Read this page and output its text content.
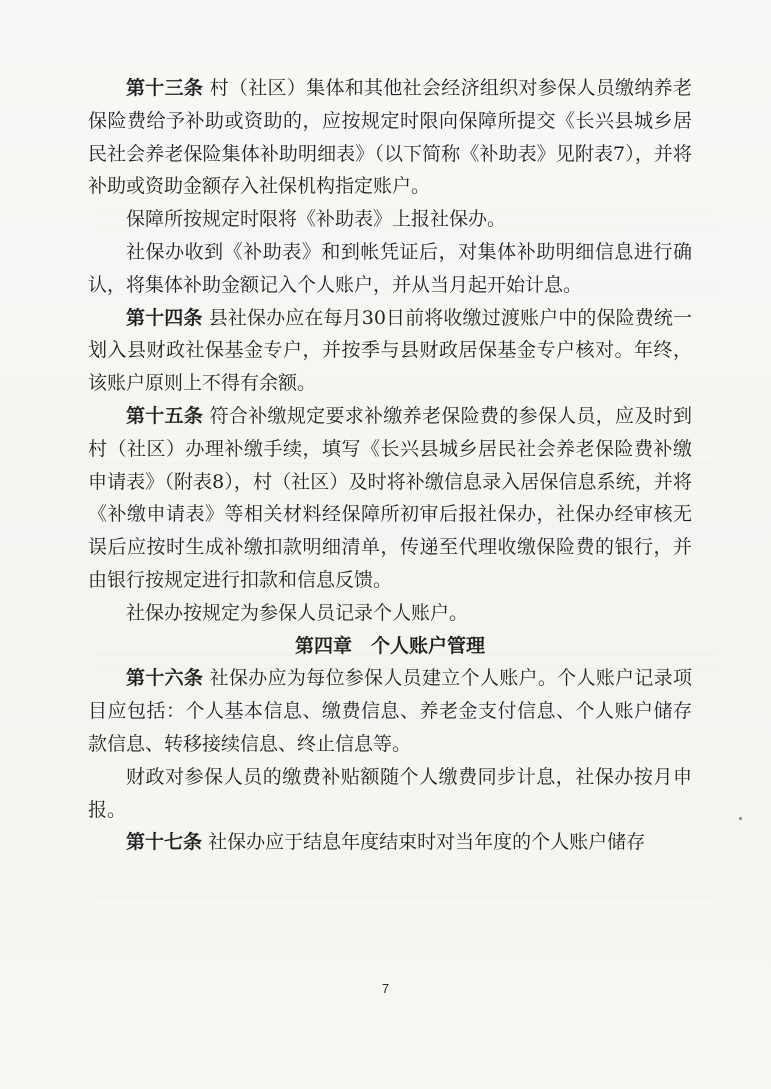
第十三条 村（社区）集体和其他社会经济组织对参保人员缴纳养老保险费给予补助或资助的，应按规定时限向保障所提交《长兴县城乡居民社会养老保险集体补助明细表》（以下简称《补助表》见附表7），并将补助或资助金额存入社保机构指定账户。

保障所按规定时限将《补助表》上报社保办。

社保办收到《补助表》和到帐凭证后，对集体补助明细信息进行确认，将集体补助金额记入个人账户，并从当月起开始计息。

第十四条 县社保办应在每月30日前将收缴过渡账户中的保险费统一划入县财政社保基金专户，并按季与县财政居保基金专户核对。年终，该账户原则上不得有余额。

第十五条 符合补缴规定要求补缴养老保险费的参保人员，应及时到村（社区）办理补缴手续，填写《长兴县城乡居民社会养老保险费补缴申请表》（附表8），村（社区）及时将补缴信息录入居保信息系统，并将《补缴申请表》等相关材料经保障所初审后报社保办，社保办经审核无误后应按时生成补缴扣款明细清单，传递至代理收缴保险费的银行，并由银行按规定进行扣款和信息反馈。

社保办按规定为参保人员记录个人账户。

第四章　个人账户管理

第十六条 社保办应为每位参保人员建立个人账户。个人账户记录项目应包括：个人基本信息、缴费信息、养老金支付信息、个人账户储存款信息、转移接续信息、终止信息等。

财政对参保人员的缴费补贴额随个人缴费同步计息，社保办按月申报。

第十七条 社保办应于结息年度结束时对当年度的个人账户储存

7
